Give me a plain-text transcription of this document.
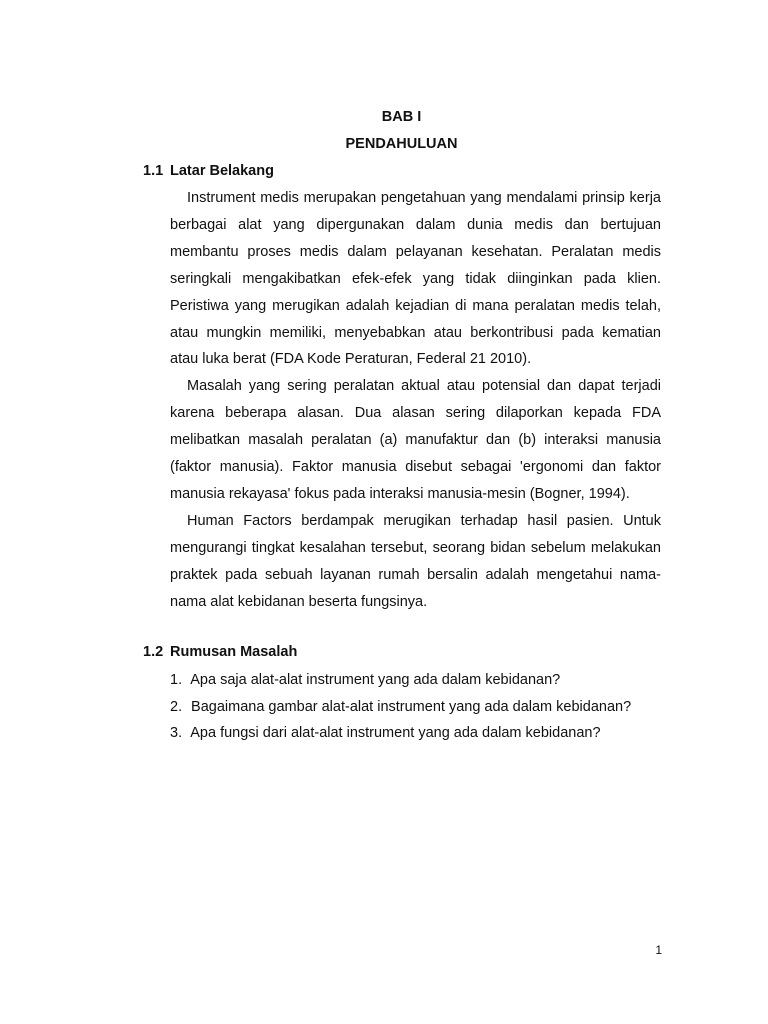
BAB I
PENDAHULUAN
1.1 Latar Belakang

Instrument medis merupakan pengetahuan yang mendalami prinsip kerja berbagai alat yang dipergunakan dalam dunia medis dan bertujuan membantu proses medis dalam pelayanan kesehatan. Peralatan medis seringkali mengakibatkan efek-efek yang tidak diinginkan pada klien. Peristiwa yang merugikan adalah kejadian di mana peralatan medis telah, atau mungkin memiliki, menyebabkan atau berkontribusi pada kematian atau luka berat (FDA Kode Peraturan, Federal 21 2010).

Masalah yang sering peralatan aktual atau potensial dan dapat terjadi karena beberapa alasan. Dua alasan sering dilaporkan kepada FDA melibatkan masalah peralatan (a) manufaktur dan (b) interaksi manusia (faktor manusia). Faktor manusia disebut sebagai 'ergonomi dan faktor manusia rekayasa' fokus pada interaksi manusia-mesin (Bogner, 1994).

Human Factors berdampak merugikan terhadap hasil pasien. Untuk mengurangi tingkat kesalahan tersebut, seorang bidan sebelum melakukan praktek pada sebuah layanan rumah bersalin adalah mengetahui nama-nama alat kebidanan beserta fungsinya.

1.2 Rumusan Masalah
1. Apa saja alat-alat instrument yang ada dalam kebidanan?
2. Bagaimana gambar alat-alat instrument yang ada dalam kebidanan?
3. Apa fungsi dari alat-alat instrument yang ada dalam kebidanan?
1
